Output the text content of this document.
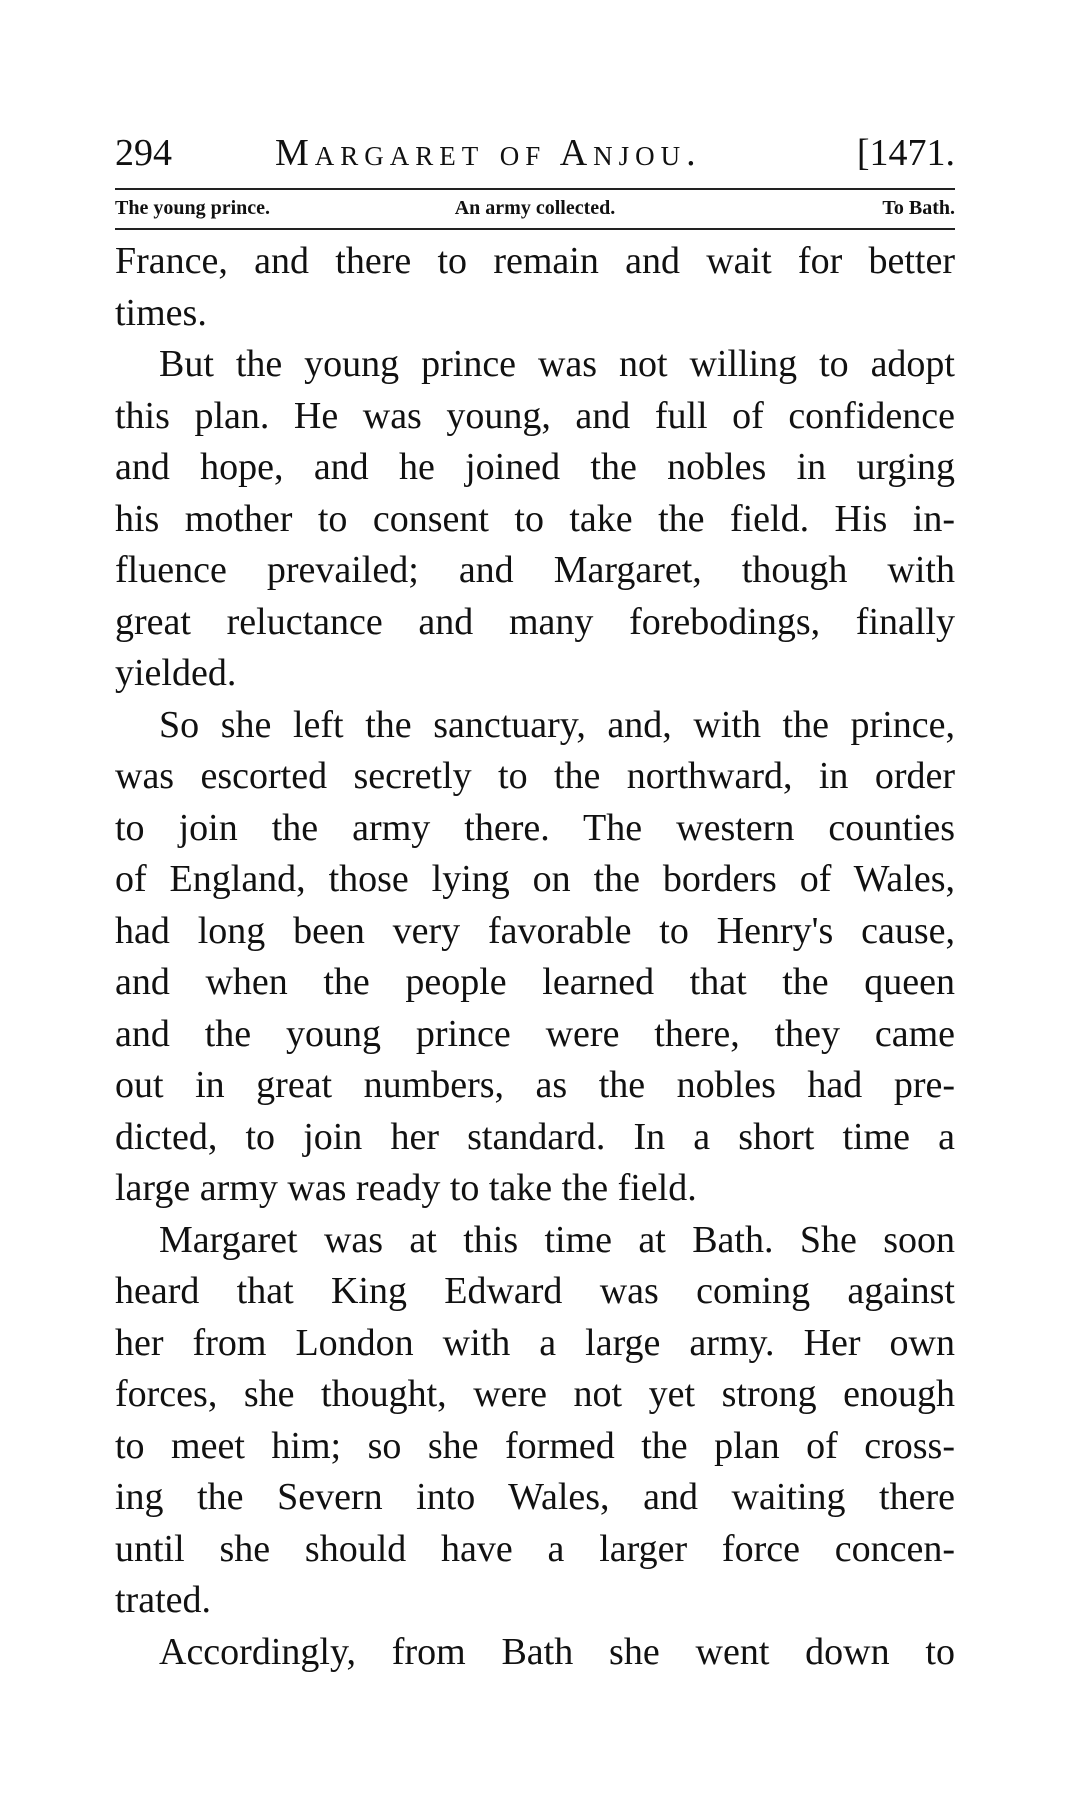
294	Margaret of Anjou.	[1471.
The young prince.	An army collected.	To Bath.
France, and there to remain and wait for better
times.
But the young prince was not willing to adopt
this plan. He was young, and full of confidence
and hope, and he joined the nobles in urging
his mother to consent to take the field. His in-
fluence prevailed; and Margaret, though with
great reluctance and many forebodings, finally
yielded.
So she left the sanctuary, and, with the prince,
was escorted secretly to the northward, in order
to join the army there. The western counties
of England, those lying on the borders of Wales,
had long been very favorable to Henry's cause,
and when the people learned that the queen
and the young prince were there, they came
out in great numbers, as the nobles had pre-
dicted, to join her standard. In a short time a
large army was ready to take the field.
Margaret was at this time at Bath. She soon
heard that King Edward was coming against
her from London with a large army. Her own
forces, she thought, were not yet strong enough
to meet him; so she formed the plan of cross-
ing the Severn into Wales, and waiting there
until she should have a larger force concen-
trated.
Accordingly, from Bath she went down to
